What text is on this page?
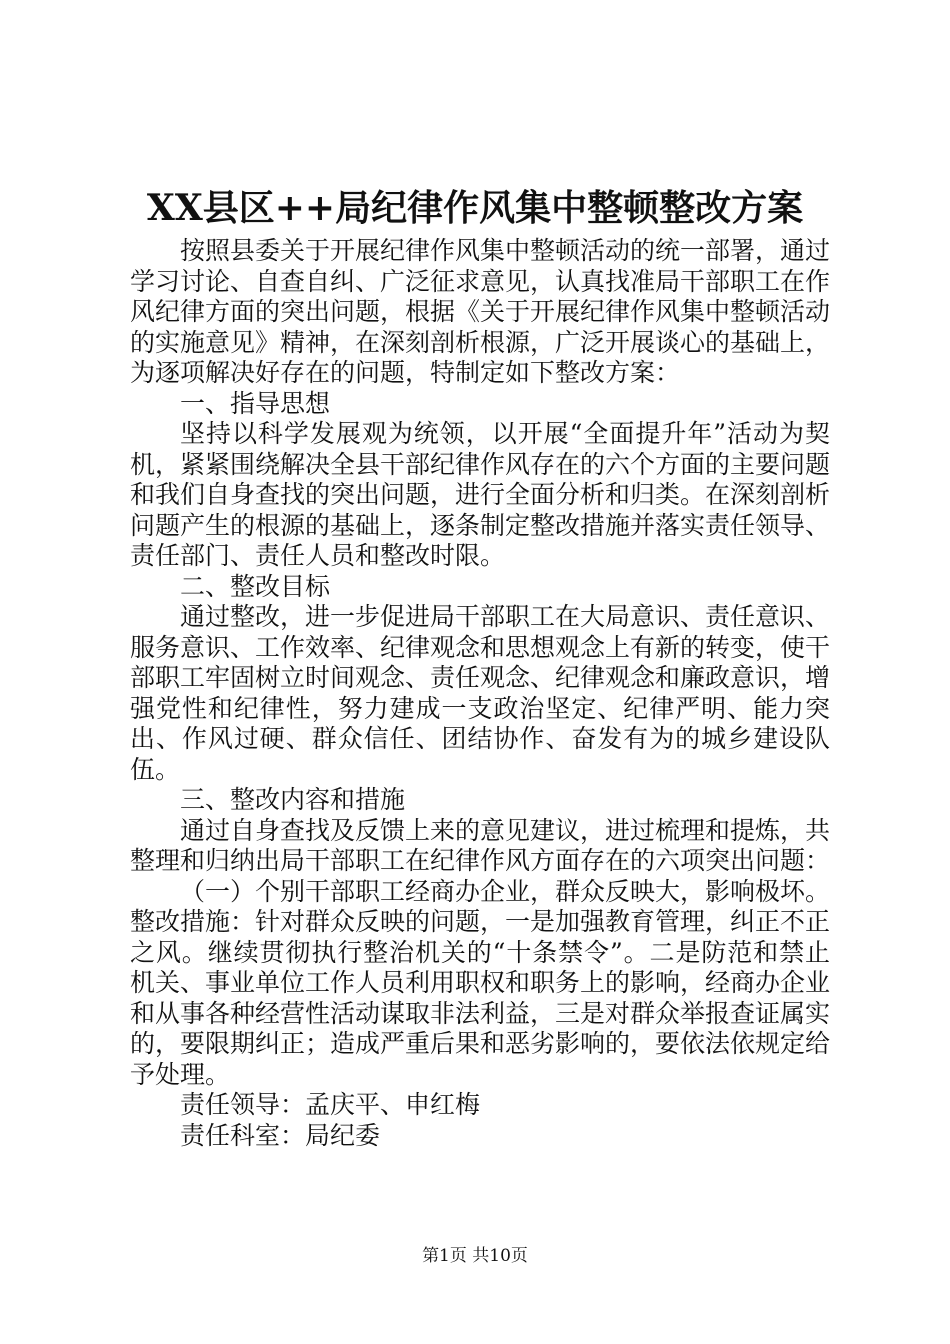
XX县区++局纪律作风集中整顿整改方案

按照县委关于开展纪律作风集中整顿活动的统一部署，通过学习讨论、自查自纠、广泛征求意见，认真找准局干部职工在作风纪律方面的突出问题，根据《关于开展纪律作风集中整顿活动的实施意见》精神，在深刻剖析根源，广泛开展谈心的基础上，为逐项解决好存在的问题，特制定如下整改方案：

一、指导思想

坚持以科学发展观为统领，以开展“全面提升年”活动为契机，紧紧围绕解决全县干部纪律作风存在的六个方面的主要问题和我们自身查找的突出问题，进行全面分析和归类。在深刻剖析问题产生的根源的基础上，逐条制定整改措施并落实责任领导、责任部门、责任人员和整改时限。

二、整改目标

通过整改，进一步促进局干部职工在大局意识、责任意识、服务意识、工作效率、纪律观念和思想观念上有新的转变，使干部职工牢固树立时间观念、责任观念、纪律观念和廉政意识，增强党性和纪律性，努力建成一支政治坚定、纪律严明、能力突出、作风过硬、群众信任、团结协作、奋发有为的城乡建设队伍。

三、整改内容和措施

通过自身查找及反馈上来的意见建议，进过梳理和提炼，共整理和归纳出局干部职工在纪律作风方面存在的六项突出问题：

（一）个别干部职工经商办企业，群众反映大，影响极坏。整改措施：针对群众反映的问题，一是加强教育管理，纠正不正之风。继续贯彻执行整治机关的“十条禁令”。二是防范和禁止机关、事业单位工作人员利用职权和职务上的影响，经商办企业和从事各种经营性活动谋取非法利益，三是对群众举报查证属实的，要限期纠正；造成严重后果和恶劣影响的，要依法依规定给予处理。

责任领导：孟庆平、申红梅

责任科室：局纪委

第1页 共10页
